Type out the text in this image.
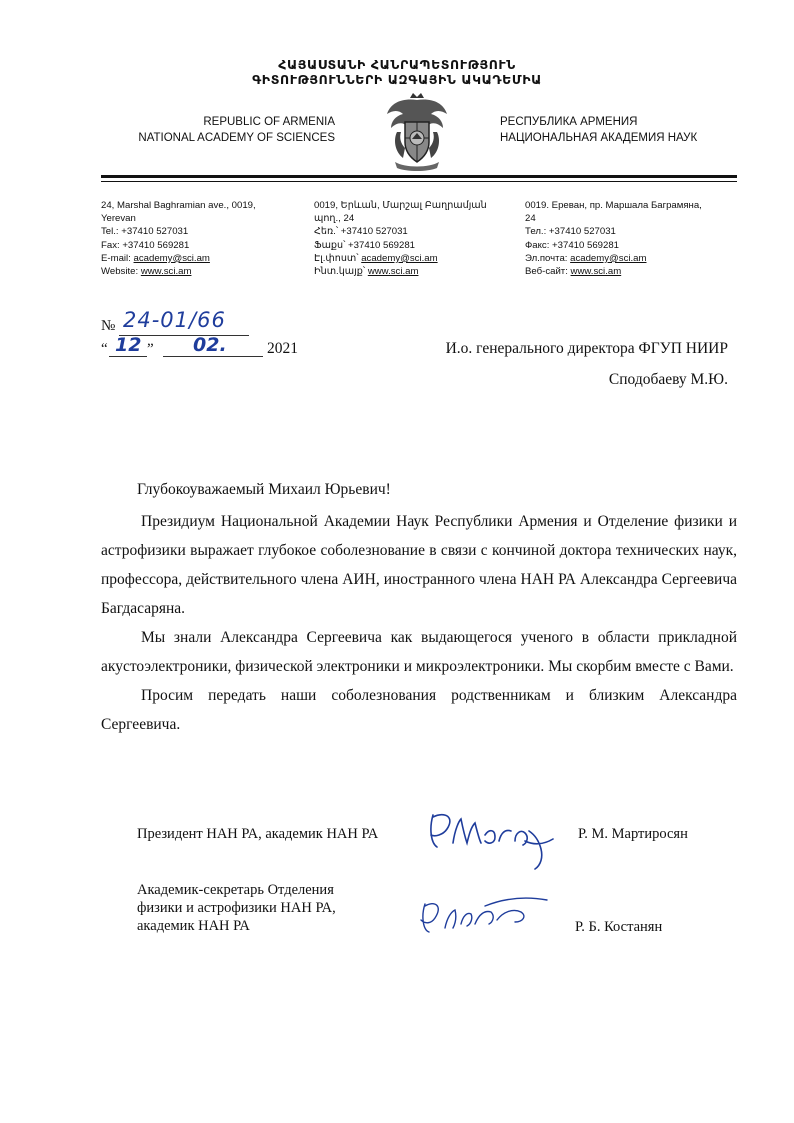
ՀԱՅԱՍՏԱՆԻ ՀԱՆՐԱՊԵՏՈՒԹՅՈՒՆ
ԳԻՏՈՒԹՅՈՒՆՆԵՐԻ ԱԶԳԱՅԻՆ ԱԿԱԴԵՄԻԱ
REPUBLIC OF ARMENIA
NATIONAL ACADEMY OF SCIENCES
РЕСПУБЛИКА АРМЕНИЯ
НАЦИОНАЛЬНАЯ АКАДЕМИЯ НАУК
24, Marshal Baghramian ave., 0019,
Yerevan
Tel.: +37410 527031
Fax: +37410 569281
E-mail: academy@sci.am
Website: www.sci.am
0019, Երևան, Մարշալ Բաղրամյան
պող., 24
Հեռ.՝ +37410 527031
Ֆաքս՝ +37410 569281
Էլ.փոստ՝ academy@sci.am
Ինտ.կայք՝ www.sci.am
0019. Ереван, пр. Маршала Баграмяна,
24
Тел.: +37410 527031
Факс: +37410 569281
Эл.почта: academy@sci.am
Веб-сайт: www.sci.am
№ 24-01/66
“ 12 ” 02.	2021	И.о. генерального директора ФГУП НИИР
Сподобаеву М.Ю.
Глубокоуважаемый Михаил Юрьевич!

Президиум Национальной Академии Наук Республики Армения и Отделение физики и астрофизики выражает глубокое соболезнование в связи с кончиной доктора технических наук, профессора, действительного члена АИН, иностранного члена НАН РА Александра Сергеевича Багдасаряна.

Мы знали Александра Сергеевича как выдающегося ученого в области прикладной акустоэлектроники, физической электроники и микроэлектроники. Мы скорбим вместе с Вами.

Просим передать наши соболезнования родственникам и близким Александра Сергеевича.

Президент НАН РА, академик НАН РА	Р. М. Мартиросян
Академик-секретарь Отделения
физики и астрофизики НАН РА,
академик НАН РА	Р. Б. Костанян
